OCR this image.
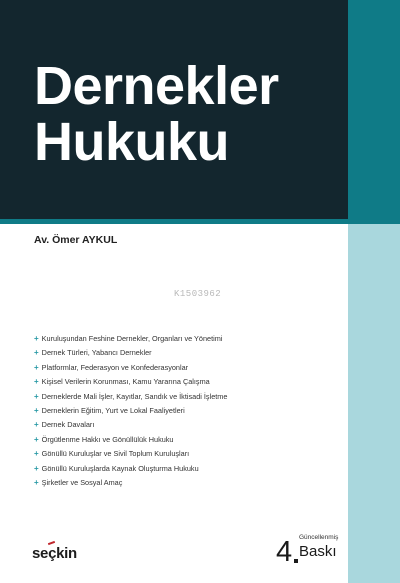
Dernekler
Hukuku
Av. Ömer AYKUL
K1503962
+ Kuruluşundan Feshine Dernekler, Organları ve Yönetimi
+ Dernek Türleri, Yabancı Dernekler
+ Platformlar, Federasyon ve Konfederasyonlar
+ Kişisel Verilerin Korunması, Kamu Yararına Çalışma
+ Derneklerde Mali İşler, Kayıtlar, Sandık ve İktisadi İşletme
+ Derneklerin Eğitim, Yurt ve Lokal Faaliyetleri
+ Dernek Davaları
+ Örgütlenme Hakkı ve Gönüllülük Hukuku
+ Gönüllü Kuruluşlar ve Sivil Toplum Kuruluşları
+ Gönüllü Kuruluşlarda Kaynak Oluşturma Hukuku
+ Şirketler ve Sosyal Amaç
seçkin	4 Güncellenmiş
Baskı
